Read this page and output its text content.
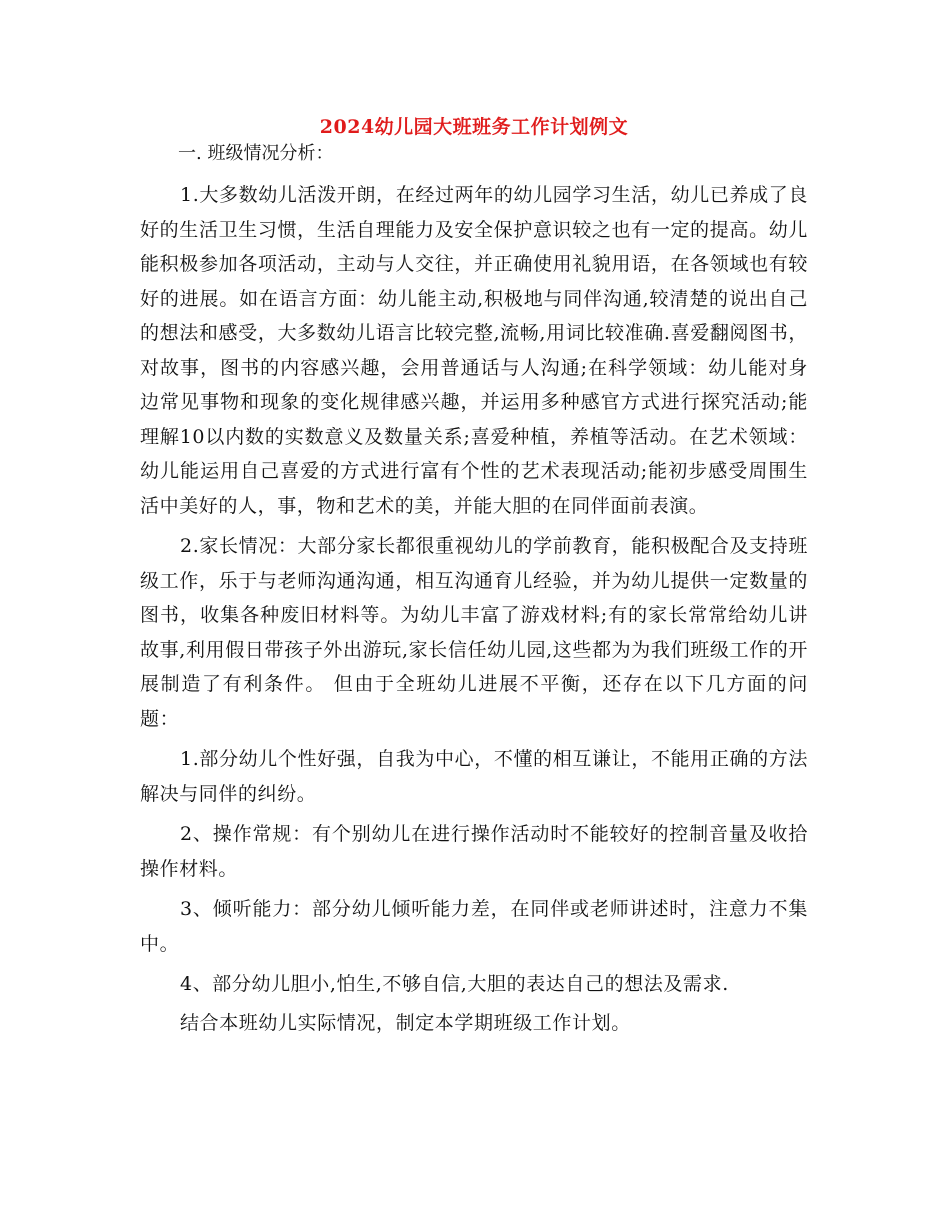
2024幼儿园大班班务工作计划例文

一. 班级情况分析：

1.大多数幼儿活泼开朗，在经过两年的幼儿园学习生活，幼儿已养成了良好的生活卫生习惯，生活自理能力及安全保护意识较之也有一定的提高。幼儿能积极参加各项活动，主动与人交往，并正确使用礼貌用语，在各领域也有较好的进展。如在语言方面：幼儿能主动,积极地与同伴沟通,较清楚的说出自己的想法和感受，大多数幼儿语言比较完整,流畅,用词比较准确.喜爱翻阅图书，对故事，图书的内容感兴趣，会用普通话与人沟通;在科学领域：幼儿能对身边常见事物和现象的变化规律感兴趣，并运用多种感官方式进行探究活动;能理解10以内数的实数意义及数量关系;喜爱种植，养植等活动。在艺术领域：幼儿能运用自己喜爱的方式进行富有个性的艺术表现活动;能初步感受周围生活中美好的人，事，物和艺术的美，并能大胆的在同伴面前表演。

2.家长情况：大部分家长都很重视幼儿的学前教育，能积极配合及支持班级工作，乐于与老师沟通沟通，相互沟通育儿经验，并为幼儿提供一定数量的图书，收集各种废旧材料等。为幼儿丰富了游戏材料;有的家长常常给幼儿讲故事,利用假日带孩子外出游玩,家长信任幼儿园,这些都为为我们班级工作的开展制造了有利条件。 但由于全班幼儿进展不平衡，还存在以下几方面的问题：

1.部分幼儿个性好强，自我为中心，不懂的相互谦让，不能用正确的方法解决与同伴的纠纷。

2、操作常规：有个别幼儿在进行操作活动时不能较好的控制音量及收拾操作材料。

3、倾听能力：部分幼儿倾听能力差，在同伴或老师讲述时，注意力不集中。

4、部分幼儿胆小,怕生,不够自信,大胆的表达自己的想法及需求.

结合本班幼儿实际情况，制定本学期班级工作计划。
